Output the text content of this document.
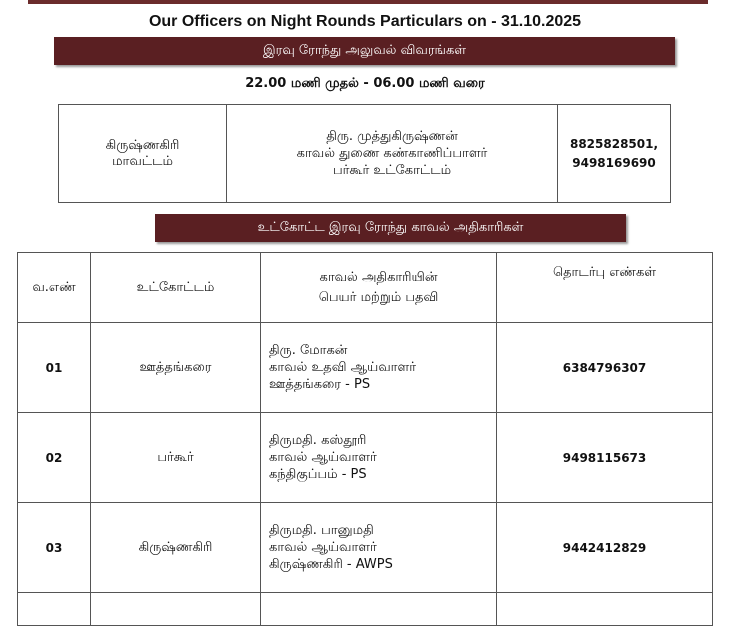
Our Officers on Night Rounds Particulars on - 31.10.2025
இரவு ரோந்து அலுவல் விவரங்கள்
22.00 மணி முதல் - 06.00 மணி வரை
கிருஷ்ணகிரி
மாவட்டம்

திரு. முத்துகிருஷ்ணன்
காவல் துணை கண்காணிப்பாளர்
பர்கூர் உட்கோட்டம்

8825828501,
9498169690
உட்கோட்ட இரவு ரோந்து காவல் அதிகாரிகள்
வ.எண்	உட்கோட்டம்	காவல் அதிகாரியின்
பெயர் மற்றும் பதவி	தொடர்பு எண்கள்
01	ஊத்தங்கரை	திரு. மோகன்
காவல் உதவி ஆய்வாளர்
ஊத்தங்கரை - PS	6384796307
02	பர்கூர்	திருமதி. கஸ்தூரி
காவல் ஆய்வாளர்
கந்திகுப்பம் - PS	9498115673
03	கிருஷ்ணகிரி	திருமதி. பானுமதி
காவல் ஆய்வாளர்
கிருஷ்ணகிரி - AWPS	9442412829
